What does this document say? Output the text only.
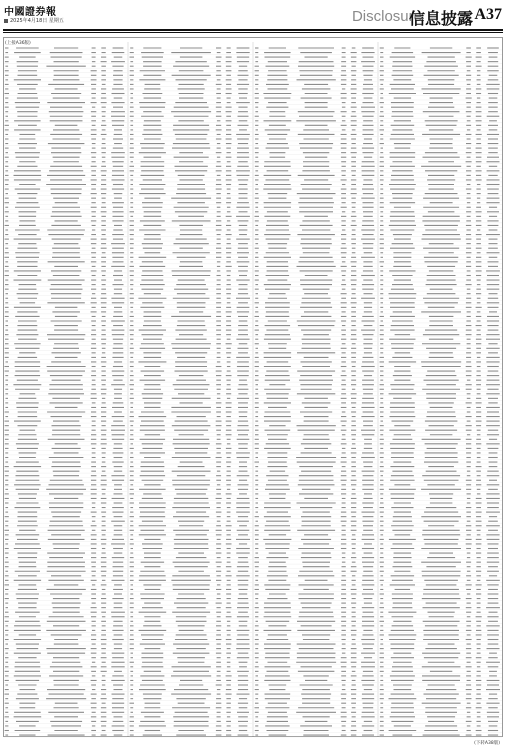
中國證券報
2025年4月18日 星期五	Disclosure
信息披露 A37
(上接A36版)
(下转A38版)
